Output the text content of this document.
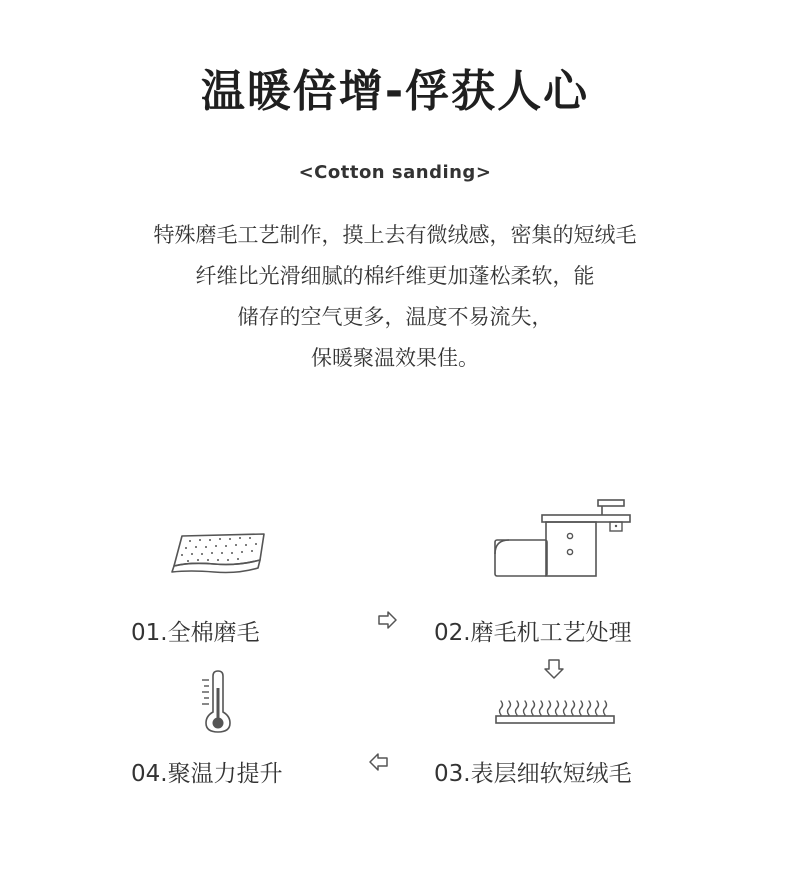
温暖倍增-俘获人心
<Cotton sanding>
特殊磨毛工艺制作，摸上去有微绒感，密集的短绒毛
纤维比光滑细腻的棉纤维更加蓬松柔软，能
储存的空气更多，温度不易流失，
保暖聚温效果佳。
01.全棉磨毛	02.磨毛机工艺处理
03.表层细软短绒毛
04.聚温力提升
